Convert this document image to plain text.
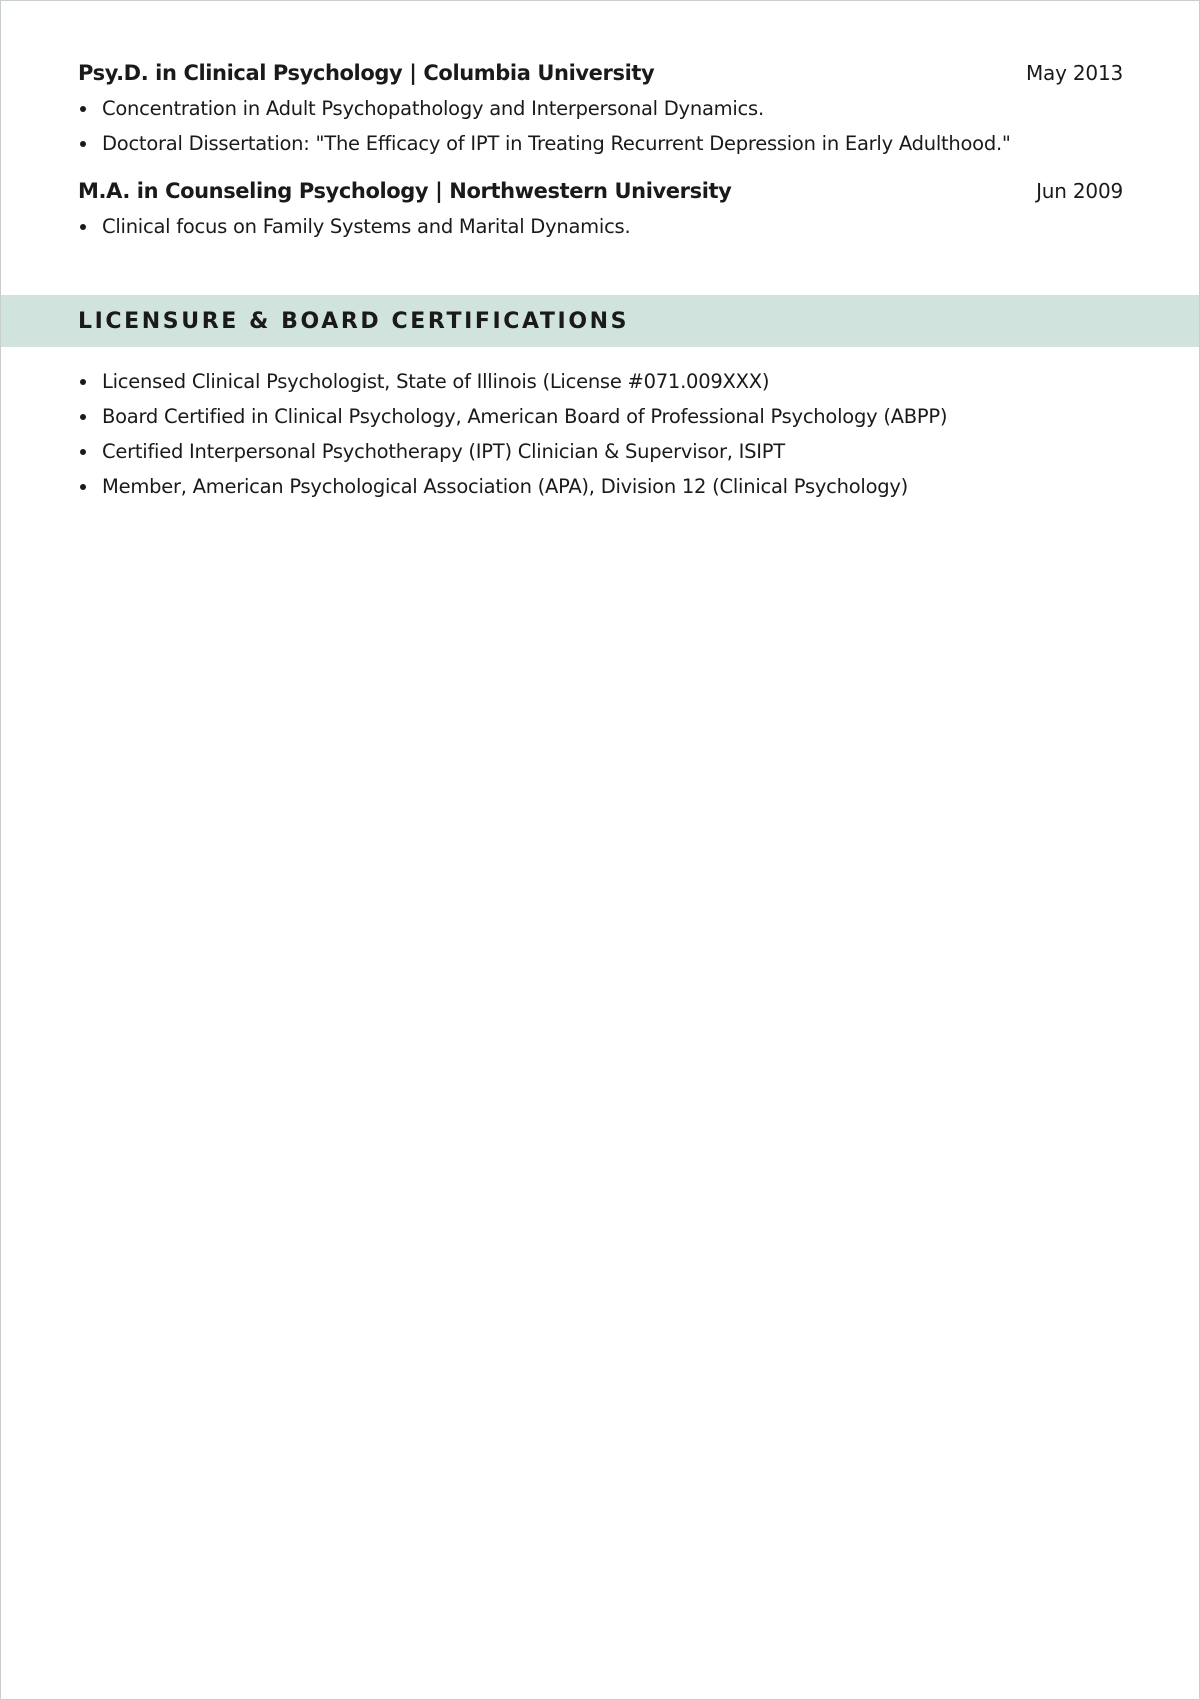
Psy.D. in Clinical Psychology | Columbia University	May 2013
Concentration in Adult Psychopathology and Interpersonal Dynamics.
Doctoral Dissertation: "The Efficacy of IPT in Treating Recurrent Depression in Early Adulthood."
M.A. in Counseling Psychology | Northwestern University	Jun 2009
Clinical focus on Family Systems and Marital Dynamics.
LICENSURE & BOARD CERTIFICATIONS
Licensed Clinical Psychologist, State of Illinois (License #071.009XXX)
Board Certified in Clinical Psychology, American Board of Professional Psychology (ABPP)
Certified Interpersonal Psychotherapy (IPT) Clinician & Supervisor, ISIPT
Member, American Psychological Association (APA), Division 12 (Clinical Psychology)
